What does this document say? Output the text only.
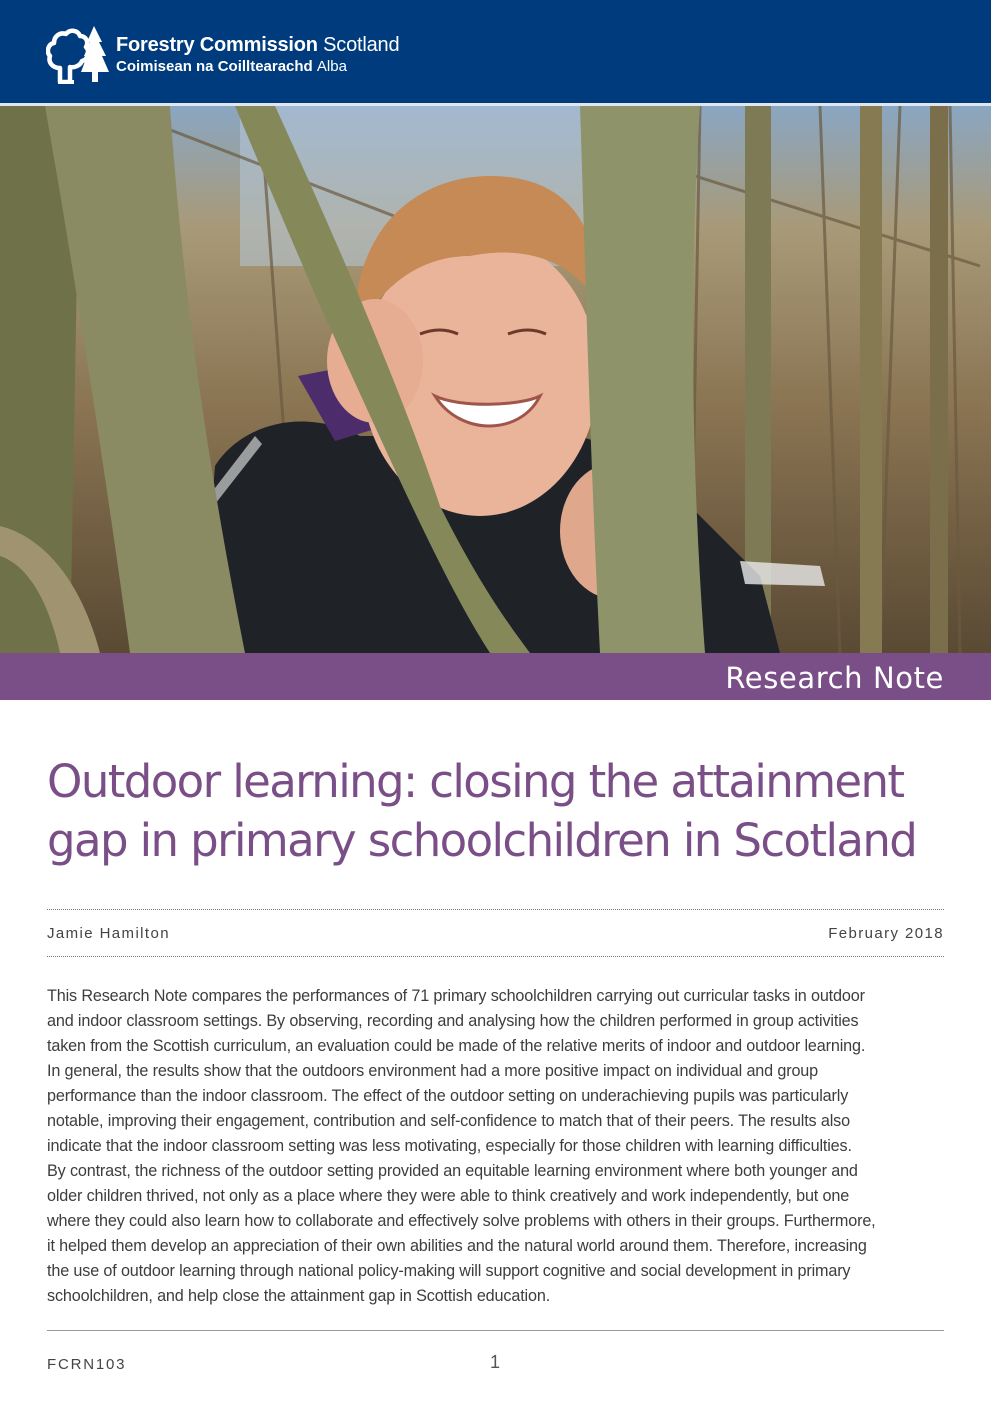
Forestry Commission Scotland
Coimisean na Coilltearachd Alba
Research Note
Outdoor learning: closing the attainment
gap in primary schoolchildren in Scotland
Jamie Hamilton	February 2018
This Research Note compares the performances of 71 primary schoolchildren carrying out curricular tasks in outdoor
and indoor classroom settings. By observing, recording and analysing how the children performed in group activities
taken from the Scottish curriculum, an evaluation could be made of the relative merits of indoor and outdoor learning.
In general, the results show that the outdoors environment had a more positive impact on individual and group
performance than the indoor classroom. The effect of the outdoor setting on underachieving pupils was particularly
notable, improving their engagement, contribution and self-confidence to match that of their peers. The results also
indicate that the indoor classroom setting was less motivating, especially for those children with learning difficulties.
By contrast, the richness of the outdoor setting provided an equitable learning environment where both younger and
older children thrived, not only as a place where they were able to think creatively and work independently, but one
where they could also learn how to collaborate and effectively solve problems with others in their groups. Furthermore,
it helped them develop an appreciation of their own abilities and the natural world around them. Therefore, increasing
the use of outdoor learning through national policy-making will support cognitive and social development in primary
schoolchildren, and help close the attainment gap in Scottish education.
FCRN103	1
